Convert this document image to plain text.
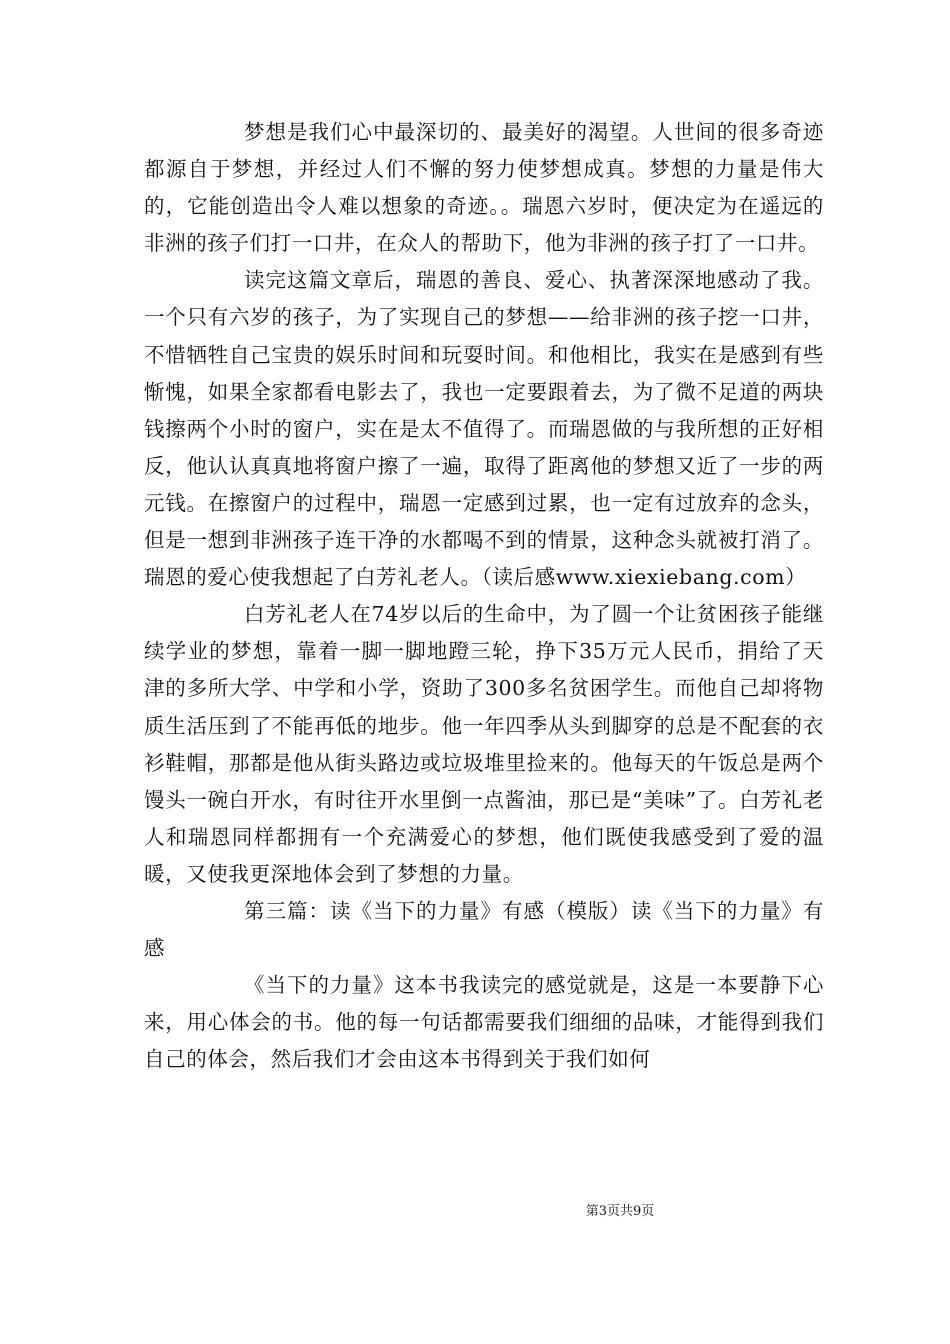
梦想是我们心中最深切的、最美好的渴望。人世间的很多奇迹都源自于梦想，并经过人们不懈的努力使梦想成真。梦想的力量是伟大的，它能创造出令人难以想象的奇迹。。瑞恩六岁时，便决定为在遥远的非洲的孩子们打一口井，在众人的帮助下，他为非洲的孩子打了一口井。

读完这篇文章后，瑞恩的善良、爱心、执著深深地感动了我。一个只有六岁的孩子，为了实现自己的梦想——给非洲的孩子挖一口井，不惜牺牲自己宝贵的娱乐时间和玩耍时间。和他相比，我实在是感到有些惭愧，如果全家都看电影去了，我也一定要跟着去，为了微不足道的两块钱擦两个小时的窗户，实在是太不值得了。而瑞恩做的与我所想的正好相反，他认认真真地将窗户擦了一遍，取得了距离他的梦想又近了一步的两元钱。在擦窗户的过程中，瑞恩一定感到过累，也一定有过放弃的念头，但是一想到非洲孩子连干净的水都喝不到的情景，这种念头就被打消了。瑞恩的爱心使我想起了白芳礼老人。（读后感www.xiexiebang.com）

白芳礼老人在74岁以后的生命中，为了圆一个让贫困孩子能继续学业的梦想，靠着一脚一脚地蹬三轮，挣下35万元人民币，捐给了天津的多所大学、中学和小学，资助了300多名贫困学生。而他自己却将物质生活压到了不能再低的地步。他一年四季从头到脚穿的总是不配套的衣衫鞋帽，那都是他从街头路边或垃圾堆里捡来的。他每天的午饭总是两个馒头一碗白开水，有时往开水里倒一点酱油，那已是“美味”了。白芳礼老人和瑞恩同样都拥有一个充满爱心的梦想，他们既使我感受到了爱的温暖，又使我更深地体会到了梦想的力量。

第三篇：读《当下的力量》有感（模版）读《当下的力量》有感

《当下的力量》这本书我读完的感觉就是，这是一本要静下心来，用心体会的书。他的每一句话都需要我们细细的品味，才能得到我们自己的体会，然后我们才会由这本书得到关于我们如何

第3页共9页
